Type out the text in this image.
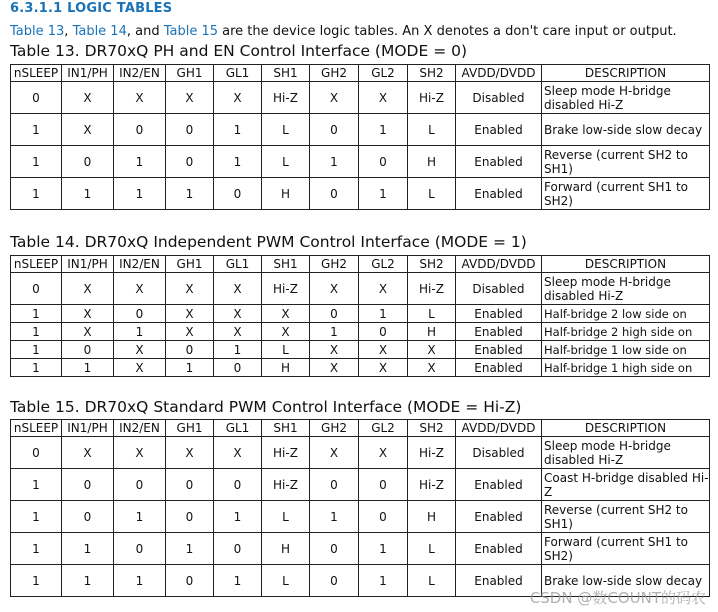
6.3.1.1 LOGIC TABLES
Table 13, Table 14, and Table 15 are the device logic tables. An X denotes a don't care input or output.
Table 13. DR70xQ PH and EN Control Interface (MODE = 0)
nSLEEP	IN1/PH	IN2/EN	GH1	GL1	SH1	GH2	GL2	SH2	AVDD/DVDD	DESCRIPTION
0	X	X	X	X	Hi-Z	X	X	Hi-Z	Disabled	Sleep mode H-bridge disabled Hi-Z
1	X	0	0	1	L	0	1	L	Enabled	Brake low-side slow decay
1	0	1	0	1	L	1	0	H	Enabled	Reverse (current SH2 to SH1)
1	1	1	1	0	H	0	1	L	Enabled	Forward (current SH1 to SH2)
Table 14. DR70xQ Independent PWM Control Interface (MODE = 1)
nSLEEP	IN1/PH	IN2/EN	GH1	GL1	SH1	GH2	GL2	SH2	AVDD/DVDD	DESCRIPTION
0	X	X	X	X	Hi-Z	X	X	Hi-Z	Disabled	Sleep mode H-bridge disabled Hi-Z
1	X	0	X	X	X	0	1	L	Enabled	Half-bridge 2 low side on
1	X	1	X	X	X	1	0	H	Enabled	Half-bridge 2 high side on
1	0	X	0	1	L	X	X	X	Enabled	Half-bridge 1 low side on
1	1	X	1	0	H	X	X	X	Enabled	Half-bridge 1 high side on
Table 15. DR70xQ Standard PWM Control Interface (MODE = Hi-Z)
nSLEEP	IN1/PH	IN2/EN	GH1	GL1	SH1	GH2	GL2	SH2	AVDD/DVDD	DESCRIPTION
0	X	X	X	X	Hi-Z	X	X	Hi-Z	Disabled	Sleep mode H-bridge disabled Hi-Z
1	0	0	0	0	Hi-Z	0	0	Hi-Z	Enabled	Coast H-bridge disabled Hi-Z
1	0	1	0	1	L	1	0	H	Enabled	Reverse (current SH2 to SH1)
1	1	0	1	0	H	0	1	L	Enabled	Forward (current SH1 to SH2)
1	1	1	0	1	L	0	1	L	Enabled	Brake low-side slow decay
CSDN @数COUNT的码农
